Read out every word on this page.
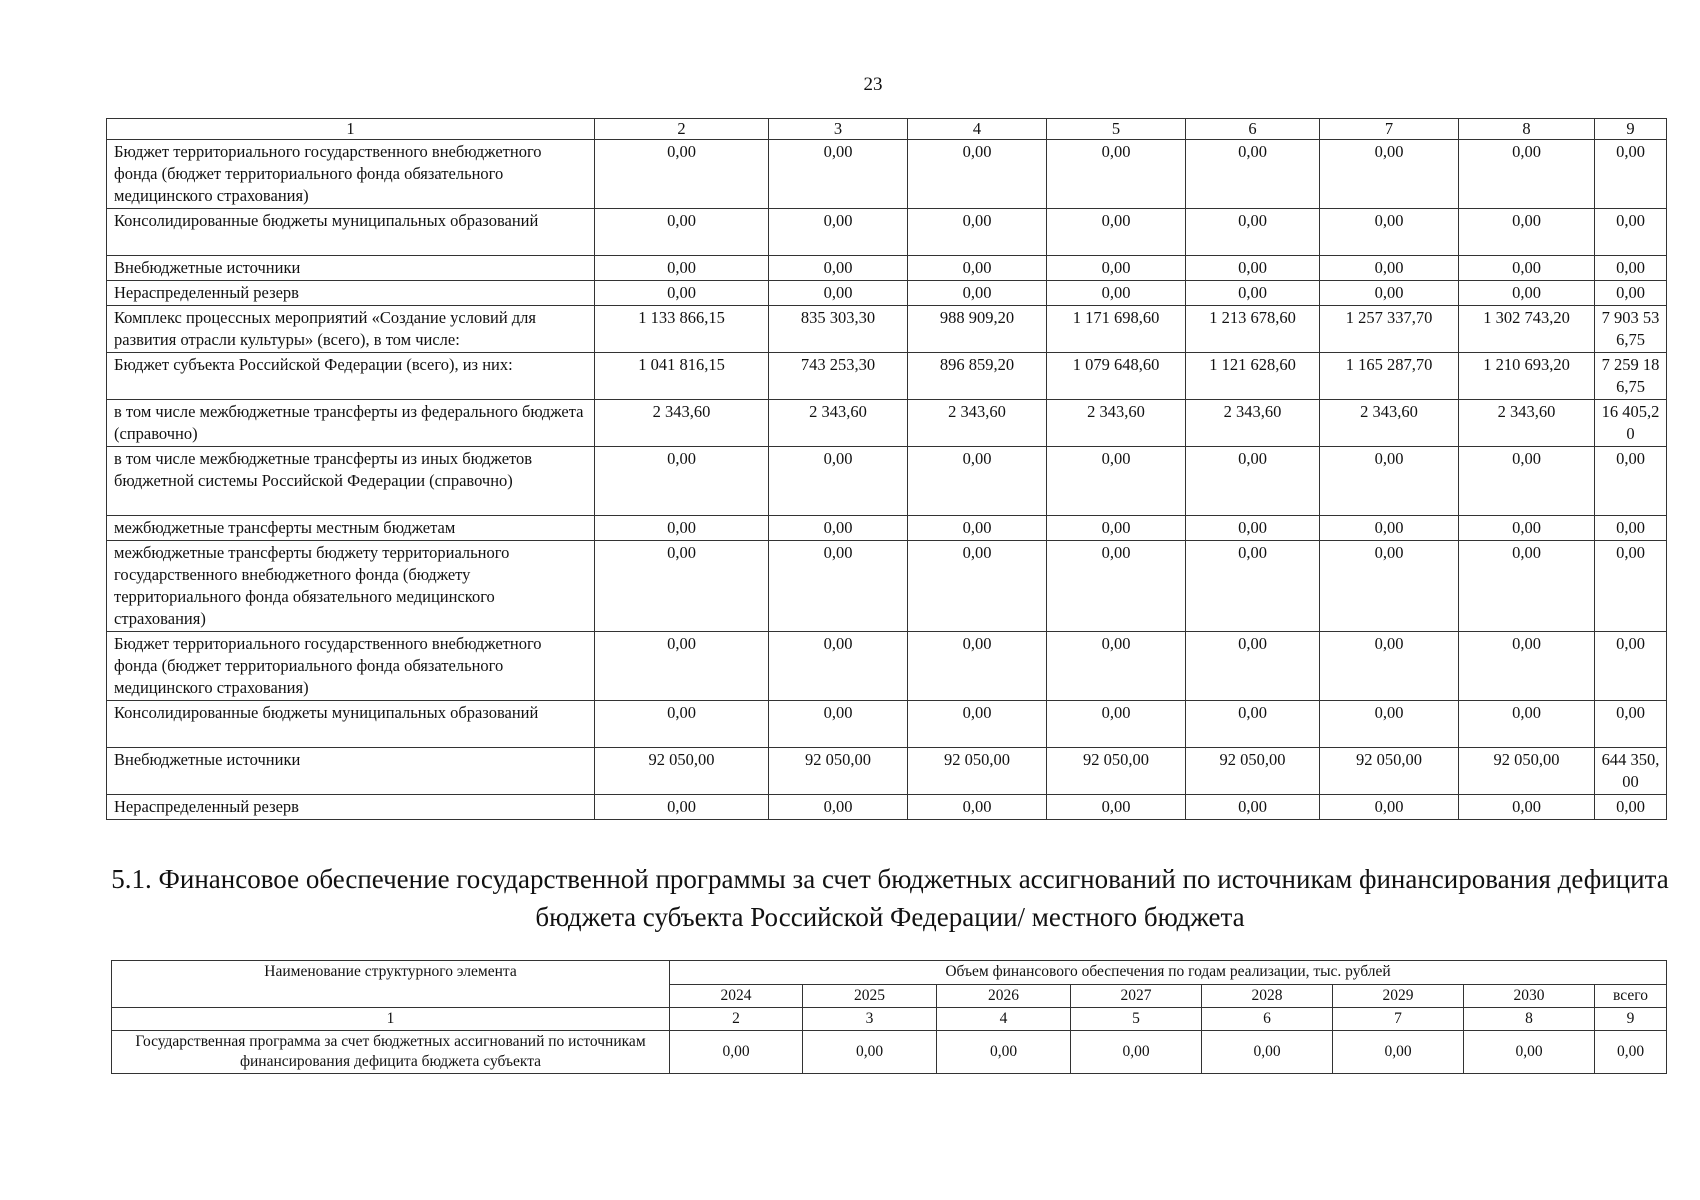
23
1	2	3	4	5	6	7	8	9
Бюджет территориального государственного внебюджетного фонда (бюджет территориального фонда обязательного медицинского страхования)	0,00	0,00	0,00	0,00	0,00	0,00	0,00	0,00
Консолидированные бюджеты муниципальных образований	0,00	0,00	0,00	0,00	0,00	0,00	0,00	0,00
Внебюджетные источники	0,00	0,00	0,00	0,00	0,00	0,00	0,00	0,00
Нераспределенный резерв	0,00	0,00	0,00	0,00	0,00	0,00	0,00	0,00
Комплекс процессных мероприятий «Создание условий для развития отрасли культуры» (всего), в том числе:	1 133 866,15	835 303,30	988 909,20	1 171 698,60	1 213 678,60	1 257 337,70	1 302 743,20	7 903 536,75
Бюджет субъекта Российской Федерации (всего), из них:	1 041 816,15	743 253,30	896 859,20	1 079 648,60	1 121 628,60	1 165 287,70	1 210 693,20	7 259 186,75
в том числе межбюджетные трансферты из федерального бюджета (справочно)	2 343,60	2 343,60	2 343,60	2 343,60	2 343,60	2 343,60	2 343,60	16 405,20
в том числе межбюджетные трансферты из иных бюджетов бюджетной системы Российской Федерации (справочно)	0,00	0,00	0,00	0,00	0,00	0,00	0,00	0,00
межбюджетные трансферты местным бюджетам	0,00	0,00	0,00	0,00	0,00	0,00	0,00	0,00
межбюджетные трансферты бюджету территориального государственного внебюджетного фонда (бюджету территориального фонда обязательного медицинского страхования)	0,00	0,00	0,00	0,00	0,00	0,00	0,00	0,00
Бюджет территориального государственного внебюджетного фонда (бюджет территориального фонда обязательного медицинского страхования)	0,00	0,00	0,00	0,00	0,00	0,00	0,00	0,00
Консолидированные бюджеты муниципальных образований	0,00	0,00	0,00	0,00	0,00	0,00	0,00	0,00
Внебюджетные источники	92 050,00	92 050,00	92 050,00	92 050,00	92 050,00	92 050,00	92 050,00	644 350,00
Нераспределенный резерв	0,00	0,00	0,00	0,00	0,00	0,00	0,00	0,00
5.1. Финансовое обеспечение государственной программы за счет бюджетных ассигнований по источникам финансирования дефицита бюджета субъекта Российской Федерации/ местного бюджета
Наименование структурного элемента	Объем финансового обеспечения по годам реализации, тыс. рублей							
	2024	2025	2026	2027	2028	2029	2030	всего
1	2	3	4	5	6	7	8	9
Государственная программа за счет бюджетных ассигнований по источникам финансирования дефицита бюджета субъекта	0,00	0,00	0,00	0,00	0,00	0,00	0,00	0,00
